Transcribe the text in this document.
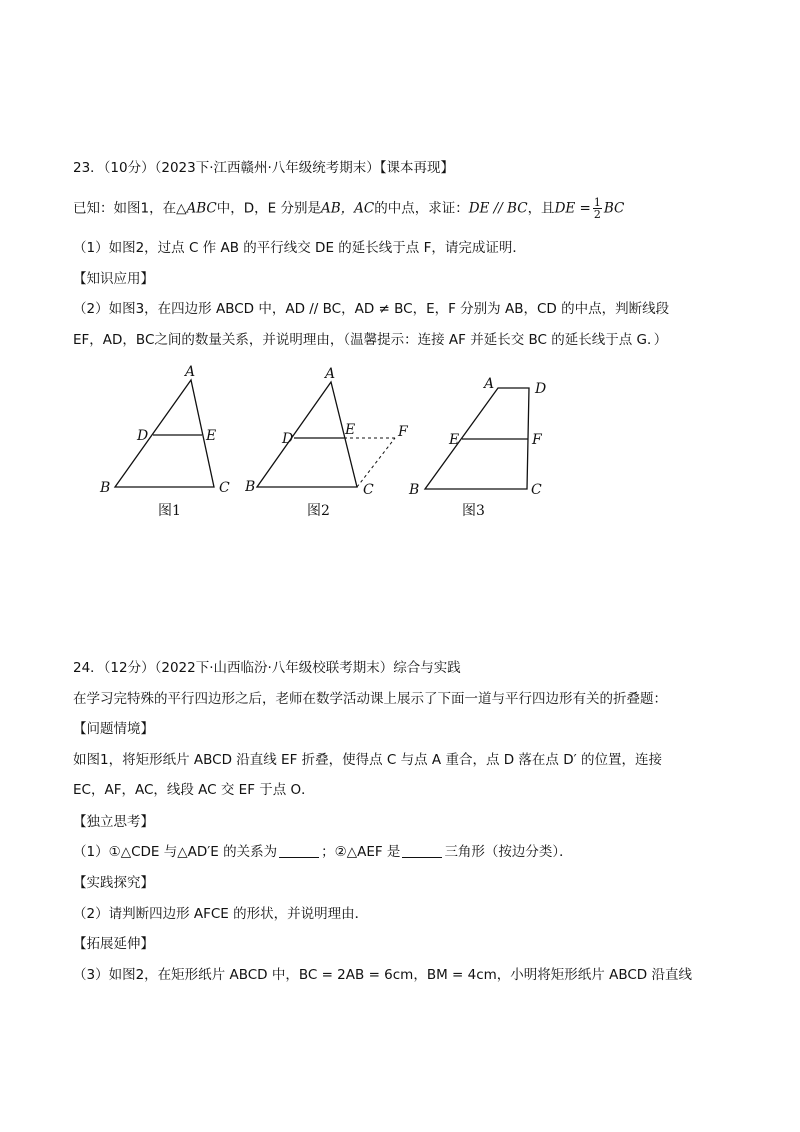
23．（10分）（2023下·江西赣州·八年级统考期末）【课本再现】
已知：如图1，在△ABC中，D，E 分别是AB，AC的中点，求证：DE // BC，且DE = $\frac{1}{2}$ BC
（1）如图2，过点 C 作 AB 的平行线交 DE 的延长线于点 F，请完成证明．
【知识应用】
（2）如图3，在四边形 ABCD 中，AD // BC，AD ≠ BC，E，F 分别为 AB，CD 的中点，判断线段
EF，AD，BC之间的数量关系，并说明理由，（温馨提示：连接 AF 并延长交 BC 的延长线于点 G．）
A
D	E
B	C
图1
A
D
E	F
B	C
图2
A	D
E	F
B	C
图3
24．（12分）（2022下·山西临汾·八年级校联考期末）综合与实践
在学习完特殊的平行四边形之后，老师在数学活动课上展示了下面一道与平行四边形有关的折叠题：
【问题情境】
如图1，将矩形纸片 ABCD 沿直线 EF 折叠，使得点 C 与点 A 重合，点 D 落在点 D′ 的位置，连接
EC，AF，AC，线段 AC 交 EF 于点 O．
【独立思考】
（1）①△CDE 与△AD′E 的关系为	；②△AEF 是	三角形（按边分类）．
【实践探究】
（2）请判断四边形 AFCE 的形状，并说明理由．
【拓展延伸】
（3）如图2，在矩形纸片 ABCD 中，BC = 2AB = 6cm，BM = 4cm，小明将矩形纸片 ABCD 沿直线
